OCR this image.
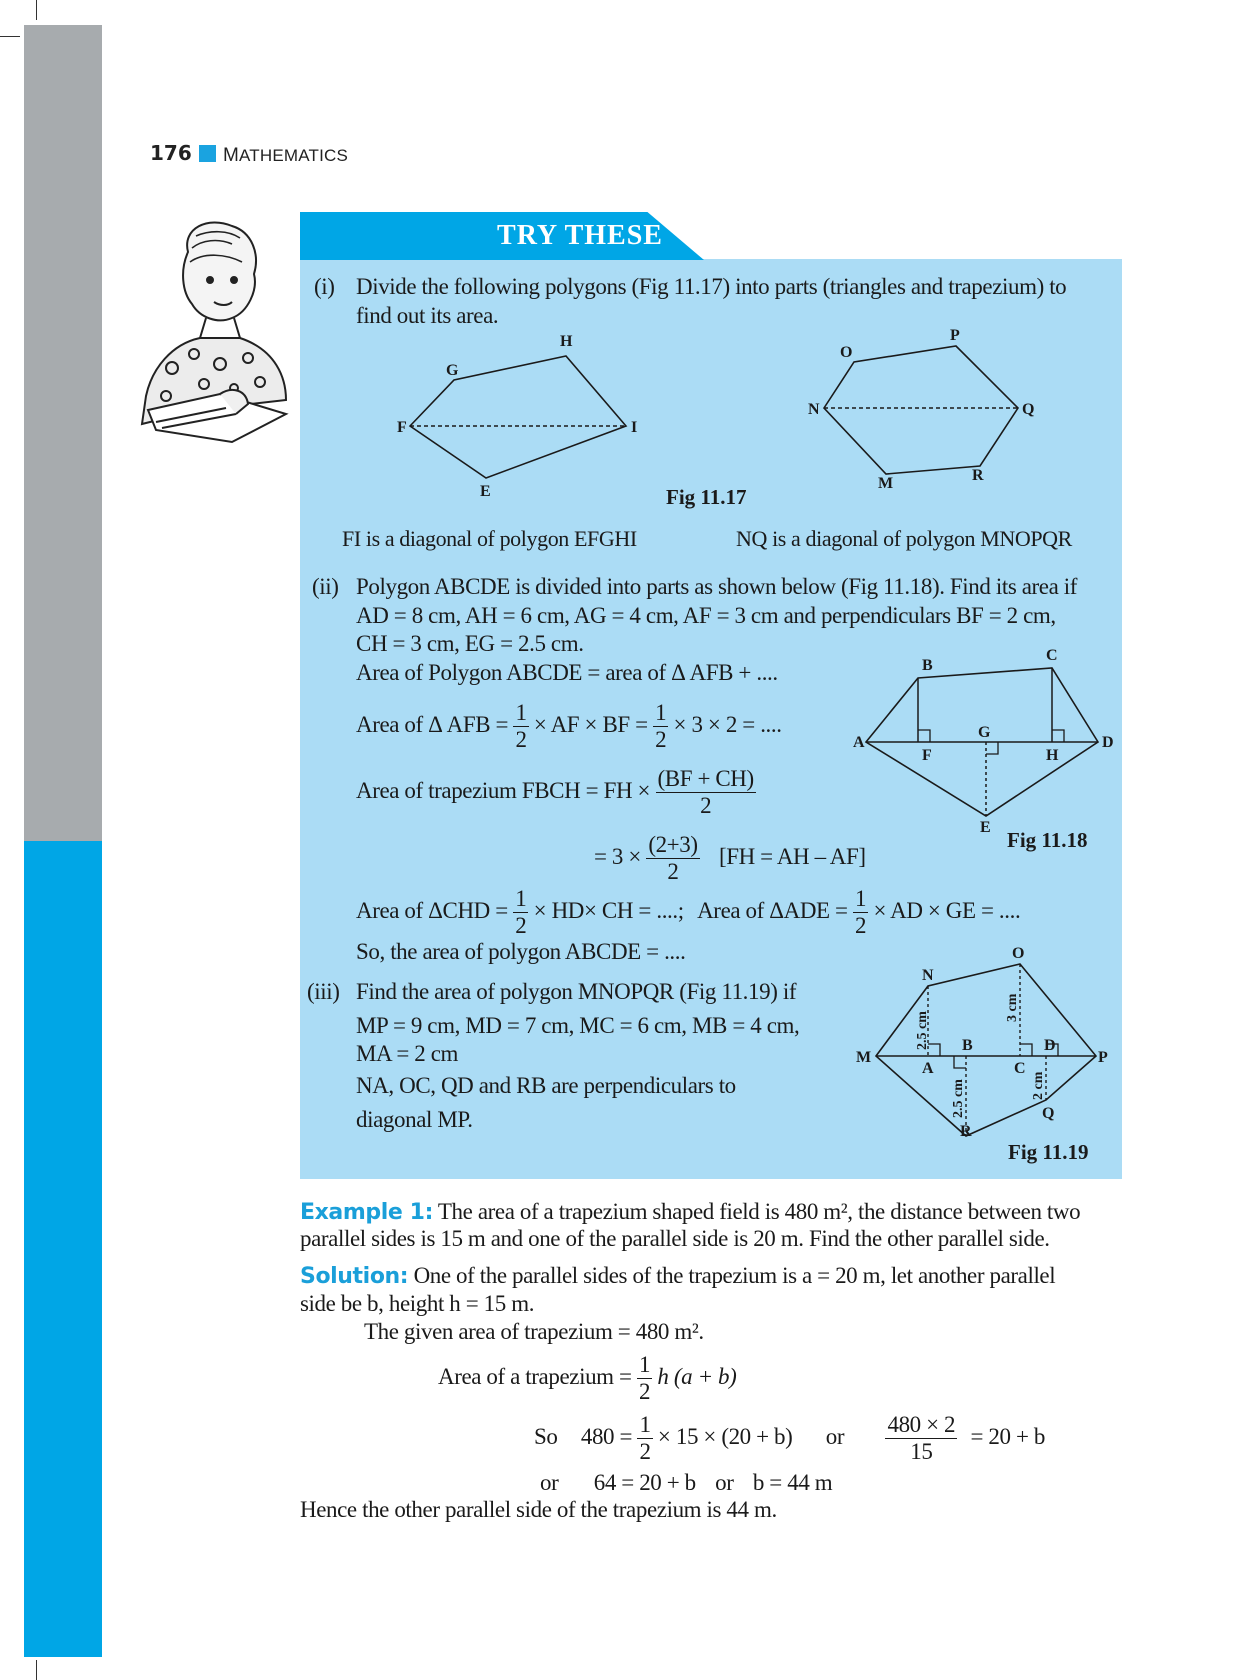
176 MATHEMATICS
TRY THESE
(i) Divide the following polygons (Fig 11.17) into parts (triangles and trapezium) to
find out its area.
H
G
F	I
E
O
P
N	Q
M	R
Fig 11.17
FI is a diagonal of polygon EFGHI	NQ is a diagonal of polygon MNOPQR
(ii) Polygon ABCDE is divided into parts as shown below (Fig 11.18). Find its area if
AD = 8 cm, AH = 6 cm, AG = 4 cm, AF = 3 cm and perpendiculars BF = 2 cm,
CH = 3 cm, EG = 2.5 cm.
Area of Polygon ABCDE = area of Δ AFB + ....
Area of Δ AFB = $\frac{1}{2}$ × AF × BF = $\frac{1}{2} \times 3 \times 2$ = ....
Area of trapezium FBCH = FH × $\frac{(BF + CH)}{2}$
= $3 \times \frac{(2+3)}{2} [FH$ = AH – AF]
Area of $\Delta CHD = \frac{1}{2} \times HD\times$ CH = ....; Area of $\Delta ADE = \frac{1}{2}$ × AD × GE = ....
So, the area of polygon ABCDE = ....
C
B
A
G
D
F	H
E
Fig 11.18
(iii) Find the area of polygon MNOPQR (Fig 11.19) if
MP = 9 cm, MD = 7 cm, MC = 6 cm, MB = 4 cm,
MA = 2 cm
NA, OC, QD and RB are perpendiculars to
diagonal MP.
O
N
M
B	D
P
A	C
Q
R
2.5 cm
3 cm
2.5 cm	2 cm
Fig 11.19
Example 1: The area of a trapezium shaped field is 480 m², the distance between two
parallel sides is 15 m and one of the parallel side is 20 m. Find the other parallel side.
Solution: One of the parallel sides of the trapezium is a = 20 m, let another parallel
side be b, height h = 15 m.
The given area of trapezium = 480 m².
Area of a trapezium = $\frac{1}{2}$ h (a + b)
So $480 = \frac{1}{2} \times 15 \times (20 + b)$ or $\frac{480 \times 2}{15} = 20 + b$
or 64 = 20 + b or b = 44 m
Hence the other parallel side of the trapezium is 44 m.
